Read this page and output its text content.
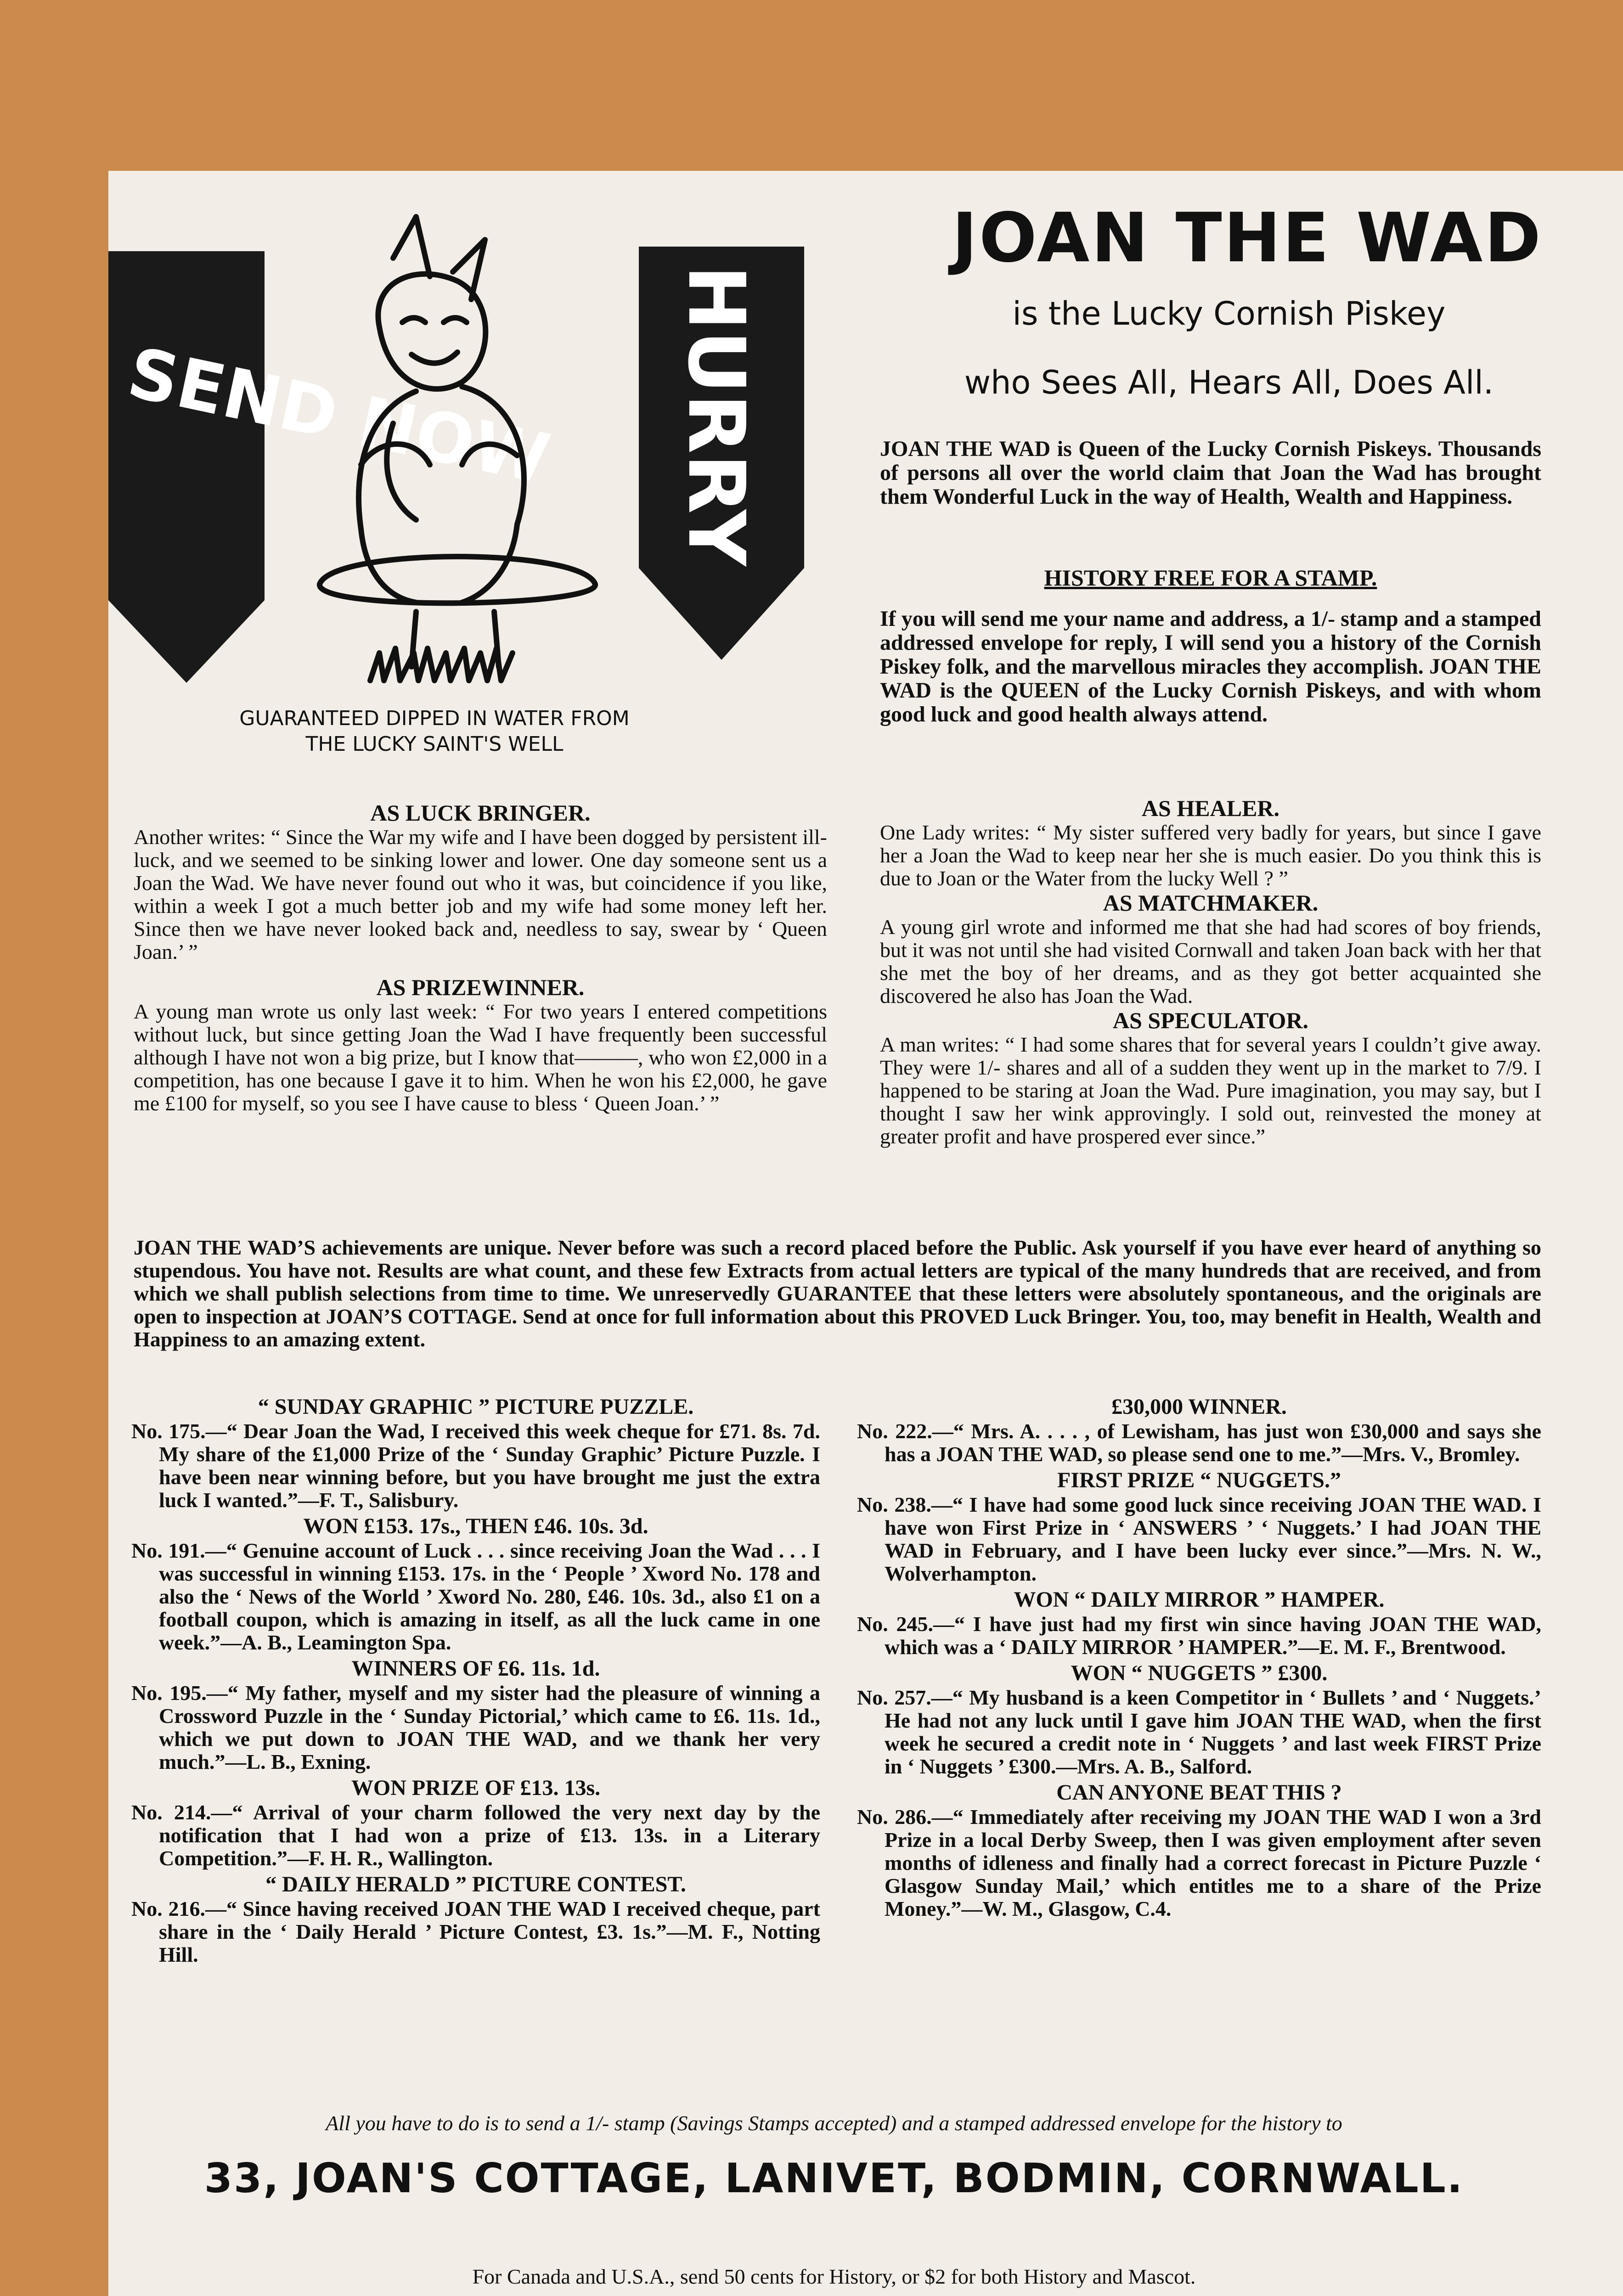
SEND NOW HURRY
GUARANTEED DIPPED IN WATER FROM THE LUCKY SAINT'S WELL
JOAN THE WAD
is the Lucky Cornish Piskey
who Sees All, Hears All, Does All.

JOAN THE WAD is Queen of the Lucky Cornish Piskeys. Thousands of persons all over the world claim that Joan the Wad has brought them Wonderful Luck in the way of Health, Wealth and Happiness.

HISTORY FREE FOR A STAMP.

If you will send me your name and address, a 1/- stamp and a stamped addressed envelope for reply, I will send you a history of the Cornish Piskey folk, and the marvellous miracles they accomplish. JOAN THE WAD is the QUEEN of the Lucky Cornish Piskeys, and with whom good luck and good health always attend.

AS LUCK BRINGER.

Another writes: “ Since the War my wife and I have been dogged by persistent ill-luck, and we seemed to be sinking lower and lower. One day someone sent us a Joan the Wad. We have never found out who it was, but coincidence if you like, within a week I got a much better job and my wife had some money left her. Since then we have never looked back and, needless to say, swear by ‘ Queen Joan.’ ”

AS PRIZEWINNER.

A young man wrote us only last week: “ For two years I entered competitions without luck, but since getting Joan the Wad I have frequently been successful although I have not won a big prize, but I know that———, who won £2,000 in a competition, has one because I gave it to him. When he won his £2,000, he gave me £100 for myself, so you see I have cause to bless ‘ Queen Joan.’ ”

AS HEALER.

One Lady writes: “ My sister suffered very badly for years, but since I gave her a Joan the Wad to keep near her she is much easier. Do you think this is due to Joan or the Water from the lucky Well ? ”

AS MATCHMAKER.

A young girl wrote and informed me that she had had scores of boy friends, but it was not until she had visited Cornwall and taken Joan back with her that she met the boy of her dreams, and as they got better acquainted she discovered he also has Joan the Wad.

AS SPECULATOR.

A man writes: “ I had some shares that for several years I couldn’t give away. They were 1/- shares and all of a sudden they went up in the market to 7/9. I happened to be staring at Joan the Wad. Pure imagination, you may say, but I thought I saw her wink approvingly. I sold out, reinvested the money at greater profit and have prospered ever since.”

JOAN THE WAD’S achievements are unique. Never before was such a record placed before the Public. Ask yourself if you have ever heard of anything so stupendous. You have not. Results are what count, and these few Extracts from actual letters are typical of the many hundreds that are received, and from which we shall publish selections from time to time. We unreservedly GUARANTEE that these letters were absolutely spontaneous, and the originals are open to inspection at JOAN’S COTTAGE. Send at once for full information about this PROVED Luck Bringer. You, too, may benefit in Health, Wealth and Happiness to an amazing extent.

“ SUNDAY GRAPHIC ” PICTURE PUZZLE.

No. 175.—“ Dear Joan the Wad, I received this week cheque for £71. 8s. 7d. My share of the £1,000 Prize of the ‘ Sunday Graphic’ Picture Puzzle. I have been near winning before, but you have brought me just the extra luck I wanted.”—F. T., Salisbury.

WON £153. 17s., THEN £46. 10s. 3d.

No. 191.—“ Genuine account of Luck . . . since receiving Joan the Wad . . . I was successful in winning £153. 17s. in the ‘ People ’ Xword No. 178 and also the ‘ News of the World ’ Xword No. 280, £46. 10s. 3d., also £1 on a football coupon, which is amazing in itself, as all the luck came in one week.”—A. B., Leamington Spa.

WINNERS OF £6. 11s. 1d.

No. 195.—“ My father, myself and my sister had the pleasure of winning a Crossword Puzzle in the ‘ Sunday Pictorial,’ which came to £6. 11s. 1d., which we put down to JOAN THE WAD, and we thank her very much.”—L. B., Exning.

WON PRIZE OF £13. 13s.

No. 214.—“ Arrival of your charm followed the very next day by the notification that I had won a prize of £13. 13s. in a Literary Competition.”—F. H. R., Wallington.

“ DAILY HERALD ” PICTURE CONTEST.

No. 216.—“ Since having received JOAN THE WAD I received cheque, part share in the ‘ Daily Herald ’ Picture Contest, £3. 1s.”—M. F., Notting Hill.

£30,000 WINNER.

No. 222.—“ Mrs. A. . . . , of Lewisham, has just won £30,000 and says she has a JOAN THE WAD, so please send one to me.”—Mrs. V., Bromley.

FIRST PRIZE “ NUGGETS.”

No. 238.—“ I have had some good luck since receiving JOAN THE WAD. I have won First Prize in ‘ ANSWERS ’ ‘ Nuggets.’ I had JOAN THE WAD in February, and I have been lucky ever since.”—Mrs. N. W., Wolverhampton.

WON “ DAILY MIRROR ” HAMPER.

No. 245.—“ I have just had my first win since having JOAN THE WAD, which was a ‘ DAILY MIRROR ’ HAMPER.”—E. M. F., Brentwood.

WON “ NUGGETS ” £300.

No. 257.—“ My husband is a keen Competitor in ‘ Bullets ’ and ‘ Nuggets.’ He had not any luck until I gave him JOAN THE WAD, when the first week he secured a credit note in ‘ Nuggets ’ and last week FIRST Prize in ‘ Nuggets ’ £300.—Mrs. A. B., Salford.

CAN ANYONE BEAT THIS ?

No. 286.—“ Immediately after receiving my JOAN THE WAD I won a 3rd Prize in a local Derby Sweep, then I was given employment after seven months of idleness and finally had a correct forecast in Picture Puzzle ‘ Glasgow Sunday Mail,’ which entitles me to a share of the Prize Money.”—W. M., Glasgow, C.4.

All you have to do is to send a 1/- stamp (Savings Stamps accepted) and a stamped addressed envelope for the history to
33, JOAN'S COTTAGE, LANIVET, BODMIN, CORNWALL.
For Canada and U.S.A., send 50 cents for History, or $2 for both History and Mascot.
